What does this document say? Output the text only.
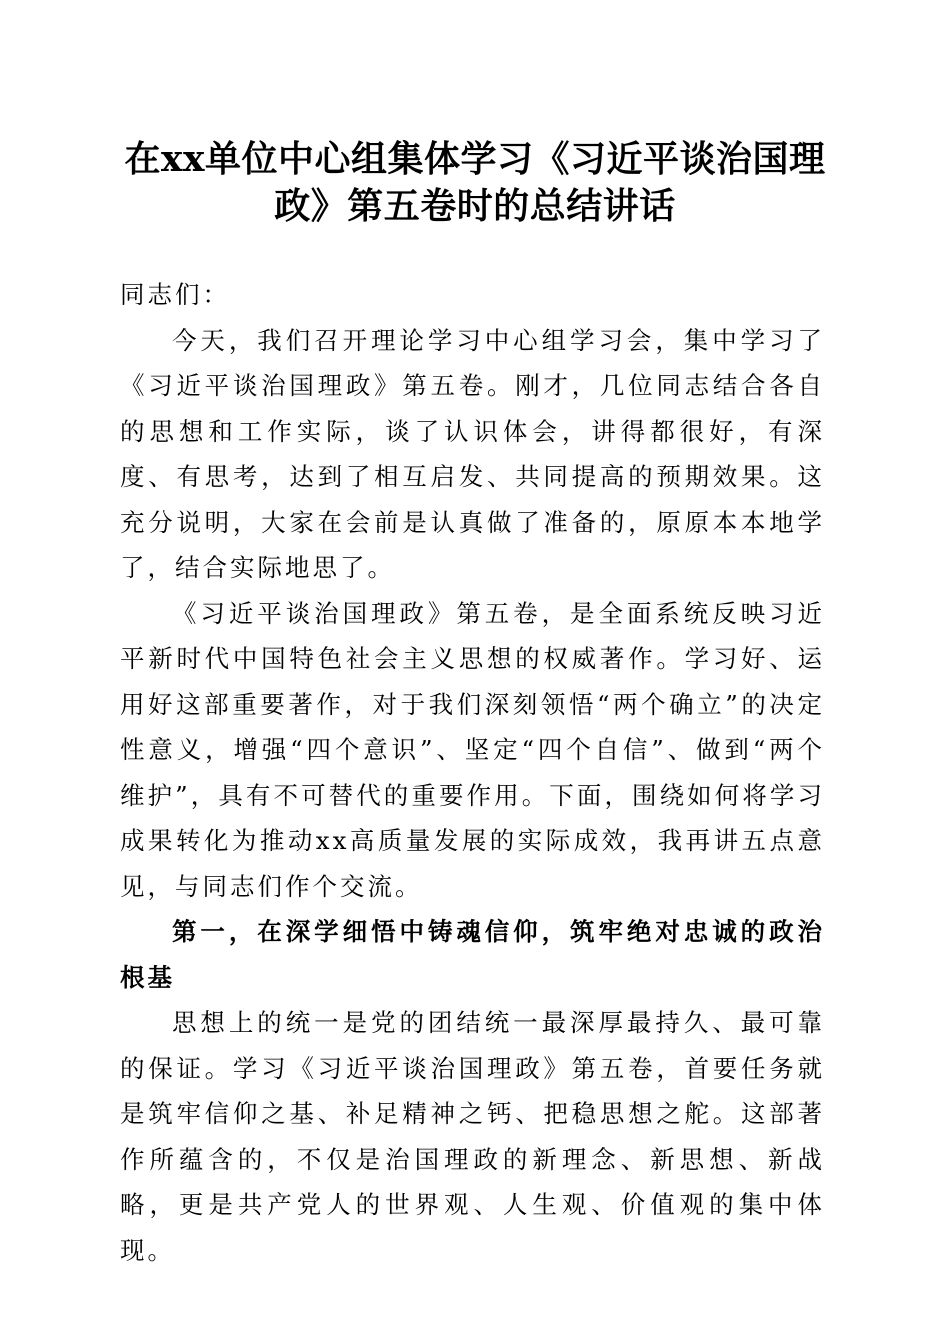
在xx单位中心组集体学习《习近平谈治国理政》第五卷时的总结讲话

同志们：

今天，我们召开理论学习中心组学习会，集中学习了《习近平谈治国理政》第五卷。刚才，几位同志结合各自的思想和工作实际，谈了认识体会，讲得都很好，有深度、有思考，达到了相互启发、共同提高的预期效果。这充分说明，大家在会前是认真做了准备的，原原本本地学了，结合实际地思了。

《习近平谈治国理政》第五卷，是全面系统反映习近平新时代中国特色社会主义思想的权威著作。学习好、运用好这部重要著作，对于我们深刻领悟“两个确立”的决定性意义，增强“四个意识”、坚定“四个自信”、做到“两个维护”，具有不可替代的重要作用。下面，围绕如何将学习成果转化为推动xx高质量发展的实际成效，我再讲五点意见，与同志们作个交流。

第一，在深学细悟中铸魂信仰，筑牢绝对忠诚的政治根基

思想上的统一是党的团结统一最深厚最持久、最可靠的保证。学习《习近平谈治国理政》第五卷，首要任务就是筑牢信仰之基、补足精神之钙、把稳思想之舵。这部著作所蕴含的，不仅是治国理政的新理念、新思想、新战略，更是共产党人的世界观、人生观、价值观的集中体现。
